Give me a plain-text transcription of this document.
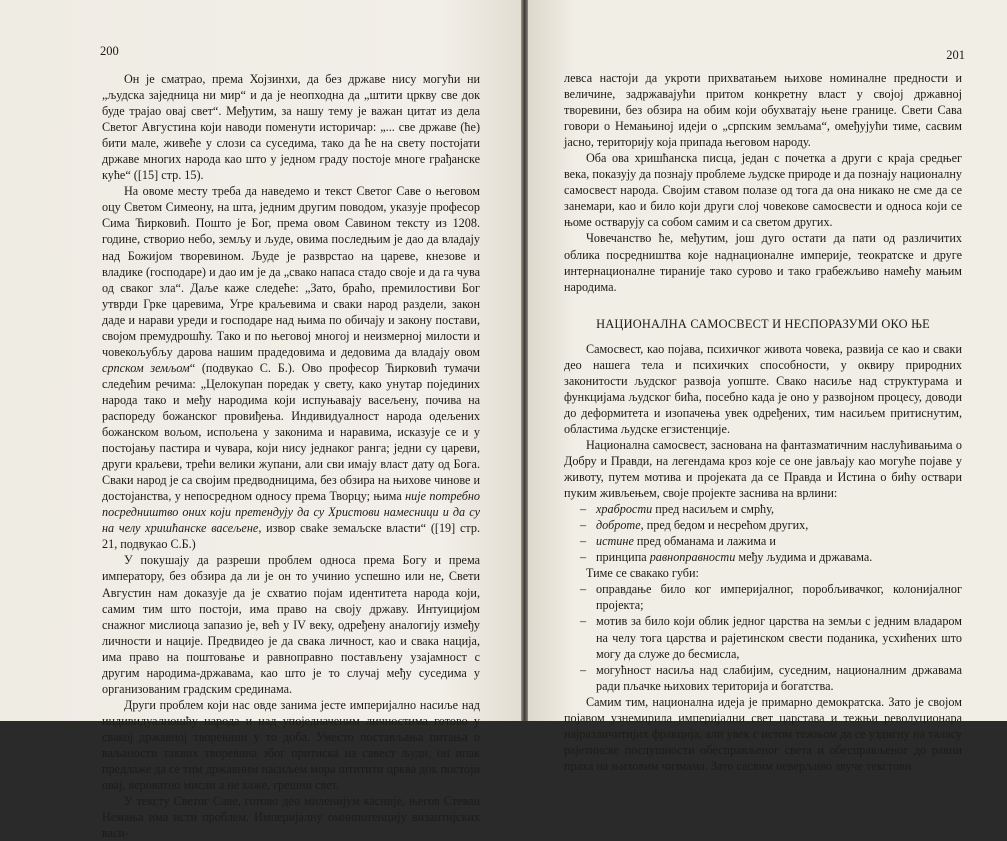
200

Он је сматрао, према Хојзинхи, да без државе нису могући ни „људска заједница ни мир“ и да је неопходна да „штити цркву све док буде трајао овај свет“. Међутим, за нашу тему је важан цитат из дела Светог Августина који наводи поменути историчар: „... све државе (ће) бити мале, живеће у слози са суседима, тако да ће на свету постојати државе многих народа као што у једном граду постоје многе грађанске куће“ ([15] стр. 15).

На овоме месту треба да наведемо и текст Светог Саве о његовом оцу Светом Симеону, на шта, једним другим поводом, указује професор Сима Ћирковић. Пошто је Бог, према овом Савином тексту из 1208. године, створио небо, земљу и људе, овима последњим је дао да владају над Божијом творевином. Људе је разврстао на цареве, кнезове и владике (господаре) и дао им је да „свако напаса стадо своје и да га чува од сваког зла“. Даље каже следеће: „Зато, браћо, премилостиви Бог утврди Грке царевима, Угре краљевима и сваки народ раздели, закон даде и нарави уреди и господаре над њима по обичају и закону постави, својом премудрошћу. Тако и по његовој многој и неизмерној милости и човекољубљу дарова нашим прадедовима и дедовима да владају овом српском земљом“ (подвукао С. Б.). Ово професор Ћирковић тумачи следећим речима: „Целокупан поредак у свету, како унутар појединих народа тако и међу народима који испуњавају васељену, почива на распореду божанског провиђења. Индивидуалност народа одељених божанском вољом, испољена у законима и наравима, исказује се и у постојању пастира и чувара, који нису једнаког ранга; једни су цареви, други краљеви, трећи велики жупани, али сви имају власт дату од Бога. Сваки народ је са својим предводницима, без обзира на њихове чинове и достојанства, у непосредном односу према Творцу; њима није потребно посредништво оних који претендују да су Христови намесници и да су на челу хришћанске васељене, извор свake земаљске власти“ ([19] стр. 21, подвукао С.Б.)

У покушају да разреши проблем односа према Богу и према императору, без обзира да ли је он то учинио успешно или не, Свети Августин нам доказује да је схватио појам идентитета народа који, самим тим што постоји, има право на своју државу. Интуицијом снажног мислиоца запазио је, већ у IV веку, одређену аналогију између личности и нације. Предвидео је да свака личност, као и свака нација, има право на поштовање и равноправно постављену узајамност с другим народима-државама, као што је то случај међу суседима у организованим градским срединама.

Други проблем који нас овде занима јесте империјално насиље над индивидуалношћу народа и над упоједначеним личностима готово у свакој државној творевини у то доба. Уместо постављања питања о ваљаности таквих творевина због притиска на савест људи, он ипак предлаже да се тим државним насиљем мора штитити црква док постоји овај, вероватно мисли а не каже, грешни свет.

У тексту Светог Саве, готово део миленијум касније, његов Стеван Немања има исти проблем. Империјалну омнипотенцију византијских васи-

201

левса настоји да укроти прихватањем њихове номиналне предности и величине, задржавајући притом конкретну власт у својој државној творевини, без обзира на обим који обухватају њене границе. Свети Сава говори о Немањиној идеји о „српским земљама“, омеђујући тиме, сасвим јасно, територију која припада његовом народу.

Оба ова хришћанска писца, један с почетка а други с краја средњег века, показују да познају проблеме људске природе и да познају националну самосвест народа. Својим ставом полазе од тога да она никако не сме да се занемари, као и било који други слој човекове самосвести и односа који се њоме остварују са собом самим и са светом других.

Човечанство ће, међутим, још дуго остати да пати од различитих облика посредништва које наднационалне империје, теократске и друге интернационалне тираније тако сурово и тако грабежљиво намећу мањим народима.

НАЦИОНАЛНА САМОСВЕСТ И НЕСПОРАЗУМИ ОКО ЊЕ

Самосвест, као појава, психичког живота човека, развија се као и сваки део нашега тела и психичких способности, у оквиру природних законитости људског развоја уопште. Свако насиље над структурама и функцијама људског бића, посебно када је оно у развојном процесу, доводи до деформитета и изопачења увек одређених, тим насиљем притиснутим, областима људске егзистенције.

Национална самосвест, заснована на фантазматичним наслућивањима о Добру и Правди, на легендама кроз које се оне јављају као могуће појаве у животу, путем мотива и пројеката да се Правда и Истина о бићу оствари пуким живљењем, своје пројекте заснива на врлини:

– храбрости пред насиљем и смрћу,
– доброте, пред бедом и несрећом других,
– истине пред обманама и лажима и
– принципа равноправности међу људима и државама.

Тиме се свакако губи:

– оправдање било ког империјалног, поробљивачког, колонијалног пројекта;
– мотив за било који облик једног царства на земљи с једним владаром на челу тога царства и рајетинском свести поданика, усхићених што могу да служе до бесмисла,
– могућност насиља над слабијим, суседним, националним државама ради пљачке њихових територија и богатства.

Самим тим, национална идеја је примарно демократска. Зато је својом појавом узнемирила империјални свет царстава и тежњи револуционара најразличитијих фракција, али увек с истом тежњом да се уздигну на таласу рајетинске послушности обесправљеног света и обесправљеног до равни праха на њиховим чизмама. Зато сасвим неверљиво звуче текстови
